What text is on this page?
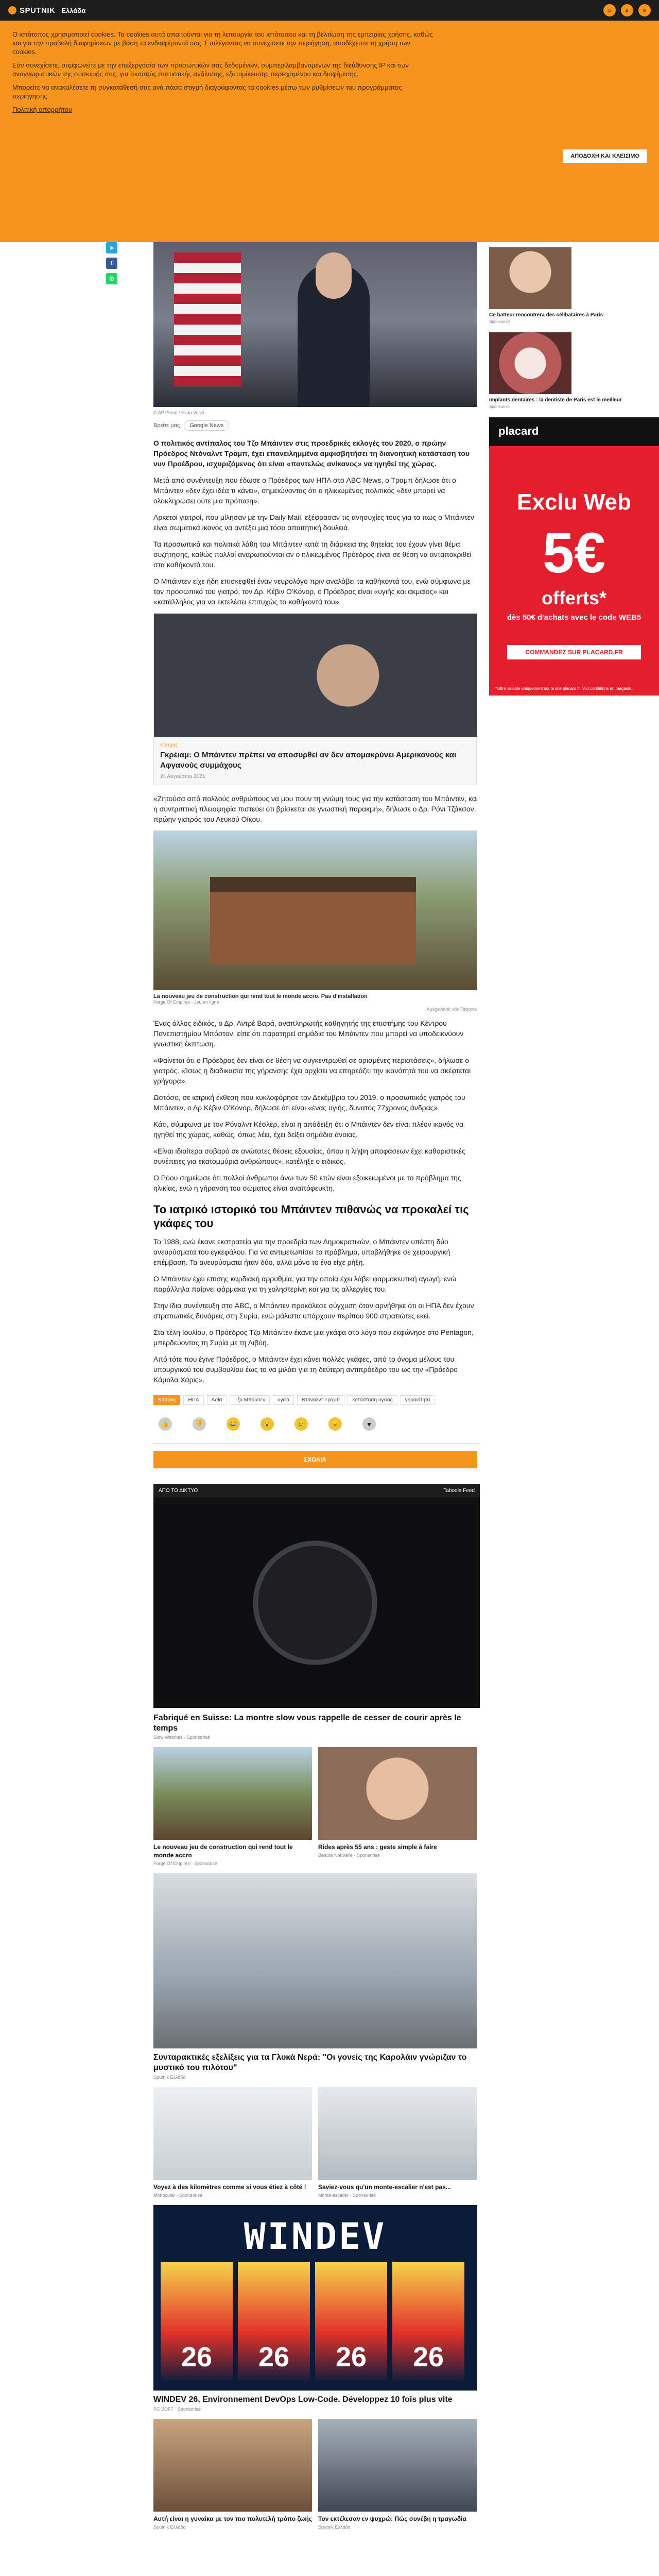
SPUTNIK Ελλάδα	☺	⌕	≡

Ο ιστότοπος χρησιμοποιεί cookies. Τα cookies αυτά απαιτούνται για τη λειτουργία του ιστότοπου και τη βελτίωση της εμπειρίας χρήσης, καθώς και για την προβολή διαφημίσεων με βάση τα ενδιαφέροντά σας. Επιλέγοντας να συνεχίσετε την περιήγηση, αποδέχεστε τη χρήση των cookies.

Εάν συνεχίσετε, συμφωνείτε με την επεξεργασία των προσωπικών σας δεδομένων, συμπεριλαμβανομένων της διεύθυνσης IP και των αναγνωριστικών της συσκευής σας, για σκοπούς στατιστικής ανάλυσης, εξατομίκευσης περιεχομένου και διαφήμισης.

Μπορείτε να ανακαλέσετε τη συγκατάθεσή σας ανά πάσα στιγμή διαγράφοντας τα cookies μέσω των ρυθμίσεων του προγράμματος περιήγησης.

Πολιτική απορρήτου

ΑΠΟΔΟΧΗ ΚΑΙ ΚΛΕΙΣΙΜΟ
➤
f
✆
© AP Photo / Evan Vucci
Βρείτε μας	Google News

Ο πολιτικός αντίπαλος του Τζο Μπάιντεν στις προεδρικές εκλογές του 2020, ο πρώην Πρόεδρος Ντόναλντ Τραμπ, έχει επανειλημμένα αμφισβητήσει τη διανοητική κατάσταση του νυν Προέδρου, ισχυριζόμενος ότι είναι «παντελώς ανίκανος» να ηγηθεί της χώρας.

Μετά από συνέντευξη που έδωσε ο Πρόεδρος των ΗΠΑ στο ABC News, ο Τραμπ δήλωσε ότι ο Μπάιντεν «δεν έχει ιδέα τι κάνει», σημειώνοντας ότι ο ηλικιωμένος πολιτικός «δεν μπορεί να ολοκληρώσει ούτε μια πρόταση».

Αρκετοί γιατροί, που μίλησαν με την Daily Mail, εξέφρασαν τις ανησυχίες τους για το πως ο Μπάιντεν είναι σωματικά ικανός να αντέξει μια τόσο απαιτητική δουλειά.

Τα προσωπικά και πολιτικά λάθη του Μπάιντεν κατά τη διάρκεια της θητείας του έχουν γίνει θέμα συζήτησης, καθώς πολλοί αναρωτιούνται αν ο ηλικιωμένος Πρόεδρος είναι σε θέση να ανταποκριθεί στα καθήκοντά του.

Ο Μπάιντεν είχε ήδη επισκεφθεί έναν νευρολόγο πριν αναλάβει τα καθήκοντά του, ενώ σύμφωνα με τον προσωπικό του γιατρό, τον Δρ. Κέβιν Ο'Κόνορ, ο Πρόεδρος είναι «υγιής και ακμαίος» και «κατάλληλος για να εκτελέσει επιτυχώς τα καθήκοντά του».

Κόσμος
Γκρέιαμ: Ο Μπάιντεν πρέπει να αποσυρθεί αν δεν απομακρύνει Αμερικανούς και Αφγανούς συμμάχους
24 Αυγούστου 2021

«Ζητούσα από πολλούς ανθρώπους να μου πουν τη γνώμη τους για την κατάσταση του Μπάιντεν, και η συντριπτική πλειοψηφία πιστεύει ότι βρίσκεται σε γνωστική παρακμή», δήλωσε ο Δρ. Ρόνι Τζάκσον, πρώην γιατρός του Λευκού Οίκου.

La nouveau jeu de construction qui rend tout le monde accro. Pas d'installation
Forge Of Empires - Jeu en ligne
Ausgewählt von Taboola

Ένας άλλος ειδικός, ο Δρ. Αντρέ Βαρά, αναπληρωτής καθηγητής της επιστήμης του Κέντρου Πανεπιστημίου Μπόστον, είπε ότι παρατηρεί σημάδια του Μπάιντεν που μπορεί να υποδεικνύουν γνωστική έκπτωση.

«Φαίνεται ότι ο Πρόεδρος δεν είναι σε θέση να συγκεντρωθεί σε ορισμένες περιστάσεις», δήλωσε ο γιατρός. «Ίσως η διαδικασία της γήρανσης έχει αρχίσει να επηρεάζει την ικανότητά του να σκέφτεται γρήγορα».

Ωστόσο, σε ιατρική έκθεση που κυκλοφόρησε τον Δεκέμβριο του 2019, ο προσωπικός γιατρός του Μπάιντεν, ο Δρ Κέβιν Ο'Κόνορ, δήλωσε ότι είναι «ένας υγιής, δυνατός 77χρονος άνδρας».

Κάτι, σύμφωνα με τον Ρόναλντ Κέσλερ, είναι η απόδειξη ότι ο Μπάιντεν δεν είναι πλέον ικανός να ηγηθεί της χώρας, καθώς, όπως λέει, έχει δείξει σημάδια άνοιας.

«Είναι ιδιαίτερα σοβαρό σε ανώτατες θέσεις εξουσίας, όπου η λήψη αποφάσεων έχει καθοριστικές συνέπειες για εκατομμύρια ανθρώπους», κατέληξε ο ειδικός.

Ο Ρόου σημείωσε ότι πολλοί άνθρωποι άνω των 50 ετών είναι εξοικειωμένοι με το πρόβλημα της ηλικίας, ενώ η γήρανση του σώματος είναι αναπόφευκτη.

Το ιατρικό ιστορικό του Μπάιντεν πιθανώς να προκαλεί τις γκάφες του

Το 1988, ενώ έκανε εκστρατεία για την προεδρία των Δημοκρατικών, ο Μπάιντεν υπέστη δύο ανευρύσματα του εγκεφάλου. Για να αντιμετωπίσει το πρόβλημα, υποβλήθηκε σε χειρουργική επέμβαση. Τα ανευρύσματα ήταν δύο, αλλά μόνο το ένα είχε ρήξη.

Ο Μπάιντεν έχει επίσης καρδιακή αρρυθμία, για την οποία έχει λάβει φαρμακευτική αγωγή, ενώ παράλληλα παίρνει φάρμακα για τη χοληστερίνη και για τις αλλεργίες του.

Στην ίδια συνέντευξη στο ABC, ο Μπάιντεν προκάλεσε σύγχυση όταν αρνήθηκε ότι οι ΗΠΑ δεν έχουν στρατιωτικές δυνάμεις στη Συρία, ενώ μάλιστα υπάρχουν περίπου 900 στρατιώτες εκεί.

Στα τέλη Ιουλίου, ο Πρόεδρος Τζο Μπάιντεν έκανε μια γκάφα στο λόγο που εκφώνησε στο Pentagon, μπερδεύοντας τη Συρία με τη Λιβύη.

Από τότε που έγινε Πρόεδρος, ο Μπάιντεν έχει κάνει πολλές γκάφες, από το όνομα μέλους του υπουργικού του συμβουλίου έως το να μιλάει για τη δεύτερη αντιπρόεδρο του ως την «Πρόεδρο Κάμαλα Χάρις».

Κόσμος	ΗΠΑ	Ασία	Τζο Μπάιντεν	υγεία	Ντόναλντ Τραμπ	κατάσταση υγείας	γηραιότητα
👍	👎	😂	😮	😢	😠	♥
ΣΧΟΛΙΑ
ΑΠΟ ΤΟ ΔΙΚΤΥΟ	Taboola Feed
Fabriqué en Suisse: La montre slow vous rappelle de cesser de courir après le temps
Slow Watches · Sponsorisé
Le nouveau jeu de construction qui rend tout le monde accro
Forge Of Empires · Sponsorisé
Rides après 55 ans : geste simple à faire
Beauté Naturelle · Sponsorisé
Συνταρακτικές εξελίξεις για τα Γλυκά Νερά: "Οι γονείς της Καρολάιν γνώριζαν το μυστικό του πιλότου"
Sputnik Ελλάδα
Voyez à des kilomètres comme si vous étiez à côté !
Monocular · Sponsorisé
Saviez-vous qu'un monte-escalier n'est pas...
Monte-escalier · Sponsorisé
WINDEV
26	26	26	26
WINDEV 26, Environnement DevOps Low-Code. Développez 10 fois plus vite
PC SOFT · Sponsorisé
Αυτή είναι η γυναίκα με τον πιο πολυτελή τρόπο ζωής
Sputnik Ελλάδα
Τον εκτέλεσαν εν ψυχρώ: Πώς συνέβη η τραγωδία
Sputnik Ελλάδα
Ce batteur rencontrera des célibataires à Paris
Sponsorisé
Implants dentaires : la dentiste de Paris est le meilleur
Sponsorisé
placard
Exclu Web
5€
offerts*
dès 50€ d'achats avec le code WEB5
COMMANDEZ SUR PLACARD.FR
*Offre valable uniquement sur le site placard.fr. Voir conditions en magasin.
